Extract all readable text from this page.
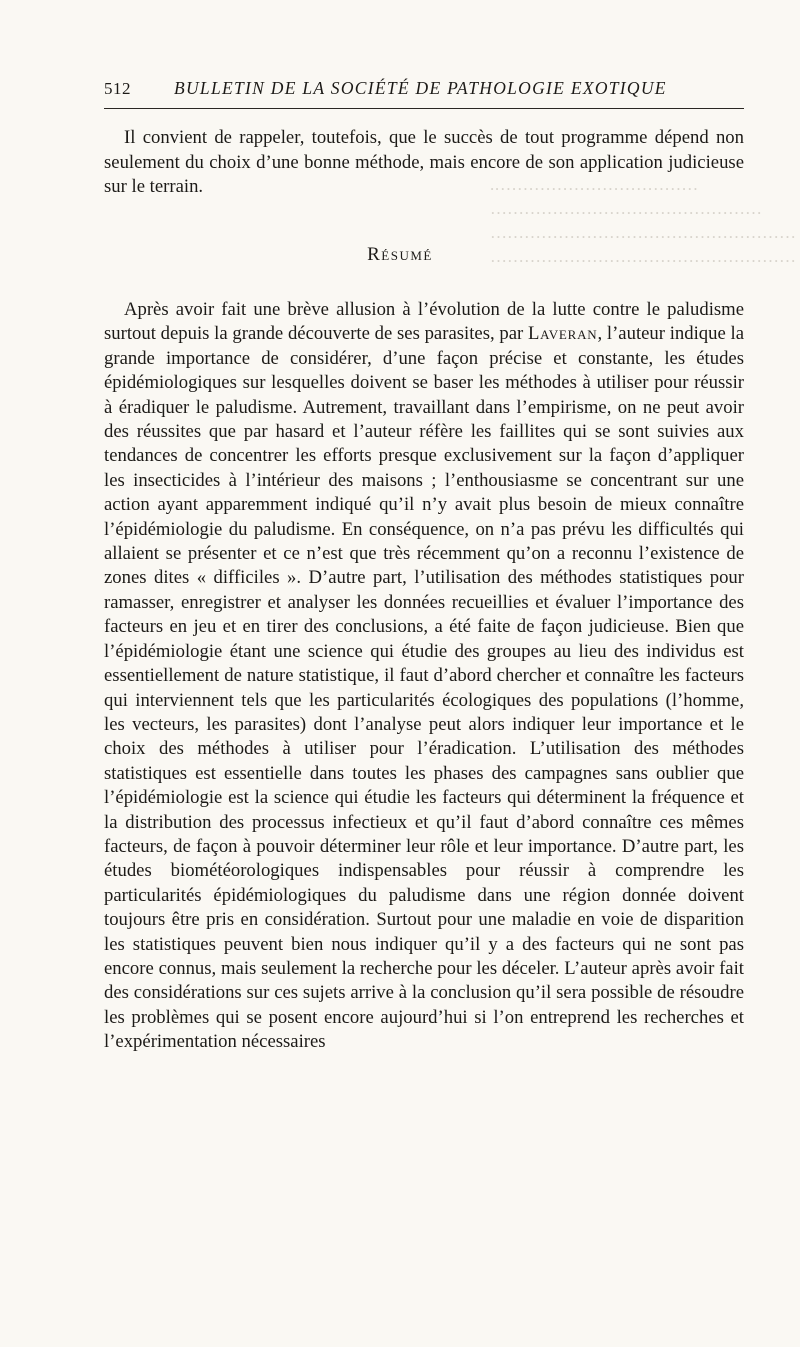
.………………………………
…………………………………………
………………………………………………
………………………………………………
512 BULLETIN DE LA SOCIÉTÉ DE PATHOLOGIE EXOTIQUE

Il convient de rappeler, toutefois, que le succès de tout programme dépend non seulement du choix d’une bonne méthode, mais encore de son application judicieuse sur le terrain.

Résumé

Après avoir fait une brève allusion à l’évolution de la lutte contre le paludisme surtout depuis la grande découverte de ses parasites, par Laveran, l’auteur indique la grande importance de considérer, d’une façon précise et constante, les études épidémiologiques sur lesquelles doivent se baser les méthodes à utiliser pour réussir à éradiquer le paludisme. Autrement, travaillant dans l’empirisme, on ne peut avoir des réussites que par hasard et l’auteur réfère les faillites qui se sont suivies aux tendances de concentrer les efforts presque exclusivement sur la façon d’appliquer les insecticides à l’intérieur des maisons ; l’enthousiasme se concentrant sur une action ayant apparemment indiqué qu’il n’y avait plus besoin de mieux connaître l’épidémiologie du paludisme. En conséquence, on n’a pas prévu les difficultés qui allaient se présenter et ce n’est que très récemment qu’on a reconnu l’existence de zones dites « difficiles ». D’autre part, l’utilisation des méthodes statistiques pour ramasser, enregistrer et analyser les données recueillies et évaluer l’importance des facteurs en jeu et en tirer des conclusions, a été faite de façon judicieuse. Bien que l’épidémiologie étant une science qui étudie des groupes au lieu des individus est essentiellement de nature statistique, il faut d’abord chercher et connaître les facteurs qui interviennent tels que les particularités écologiques des populations (l’homme, les vecteurs, les parasites) dont l’analyse peut alors indiquer leur importance et le choix des méthodes à utiliser pour l’éradication. L’utilisation des méthodes statistiques est essentielle dans toutes les phases des campagnes sans oublier que l’épidémiologie est la science qui étudie les facteurs qui déterminent la fréquence et la distribution des processus infectieux et qu’il faut d’abord connaître ces mêmes facteurs, de façon à pouvoir déterminer leur rôle et leur importance. D’autre part, les études biométéorologiques indispensables pour réussir à comprendre les particularités épidémiologiques du paludisme dans une région donnée doivent toujours être pris en considération. Surtout pour une maladie en voie de disparition les statistiques peuvent bien nous indiquer qu’il y a des facteurs qui ne sont pas encore connus, mais seulement la recherche pour les déceler. L’auteur après avoir fait des considérations sur ces sujets arrive à la conclusion qu’il sera possible de résoudre les problèmes qui se posent encore aujourd’hui si l’on entreprend les recherches et l’expérimentation nécessaires
